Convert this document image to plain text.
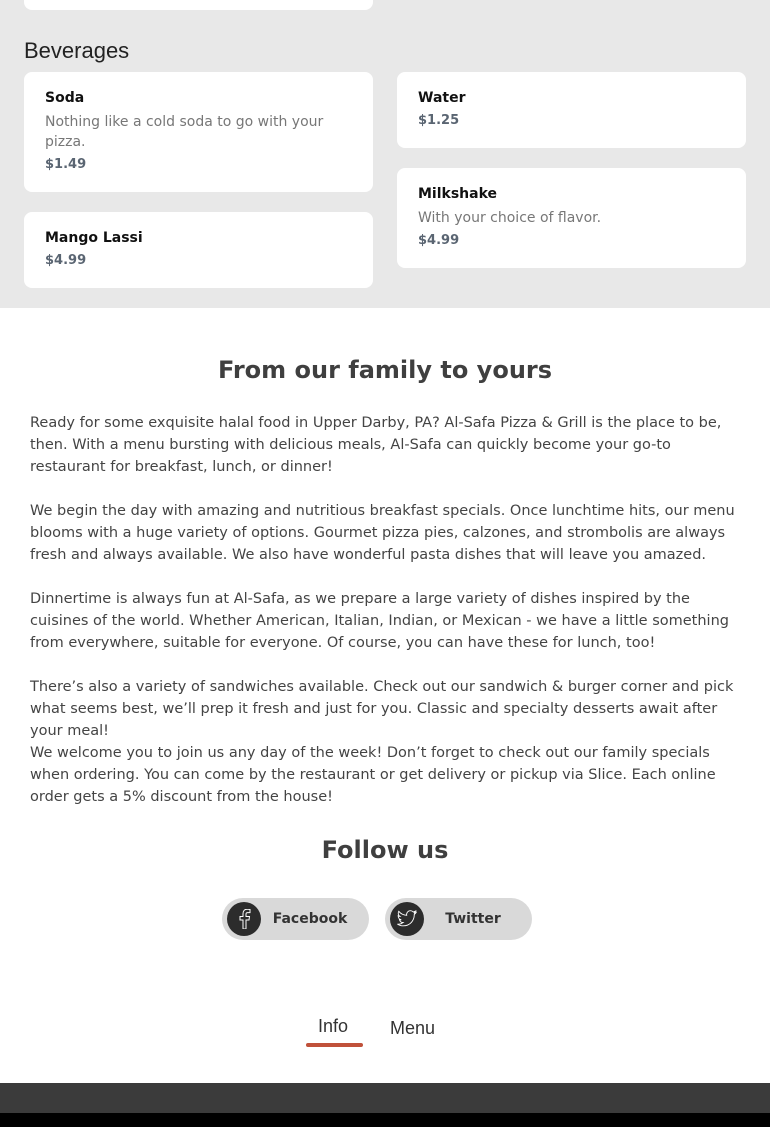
Beverages
Soda
Nothing like a cold soda to go with your pizza.
$1.49
Mango Lassi
$4.99
Water
$1.25
Milkshake
With your choice of flavor.
$4.99
From our family to yours
Ready for some exquisite halal food in Upper Darby, PA? Al-Safa Pizza & Grill is the place to be, then. With a menu bursting with delicious meals, Al-Safa can quickly become your go-to restaurant for breakfast, lunch, or dinner!
We begin the day with amazing and nutritious breakfast specials. Once lunchtime hits, our menu blooms with a huge variety of options. Gourmet pizza pies, calzones, and strombolis are always fresh and always available. We also have wonderful pasta dishes that will leave you amazed.
Dinnertime is always fun at Al-Safa, as we prepare a large variety of dishes inspired by the cuisines of the world. Whether American, Italian, Indian, or Mexican - we have a little something from everywhere, suitable for everyone. Of course, you can have these for lunch, too!
There’s also a variety of sandwiches available. Check out our sandwich & burger corner and pick what seems best, we’ll prep it fresh and just for you. Classic and specialty desserts await after your meal!
We welcome you to join us any day of the week! Don’t forget to check out our family specials when ordering. You can come by the restaurant or get delivery or pickup via Slice. Each online order gets a 5% discount from the house!
Follow us
Facebook	Twitter
Info Menu
